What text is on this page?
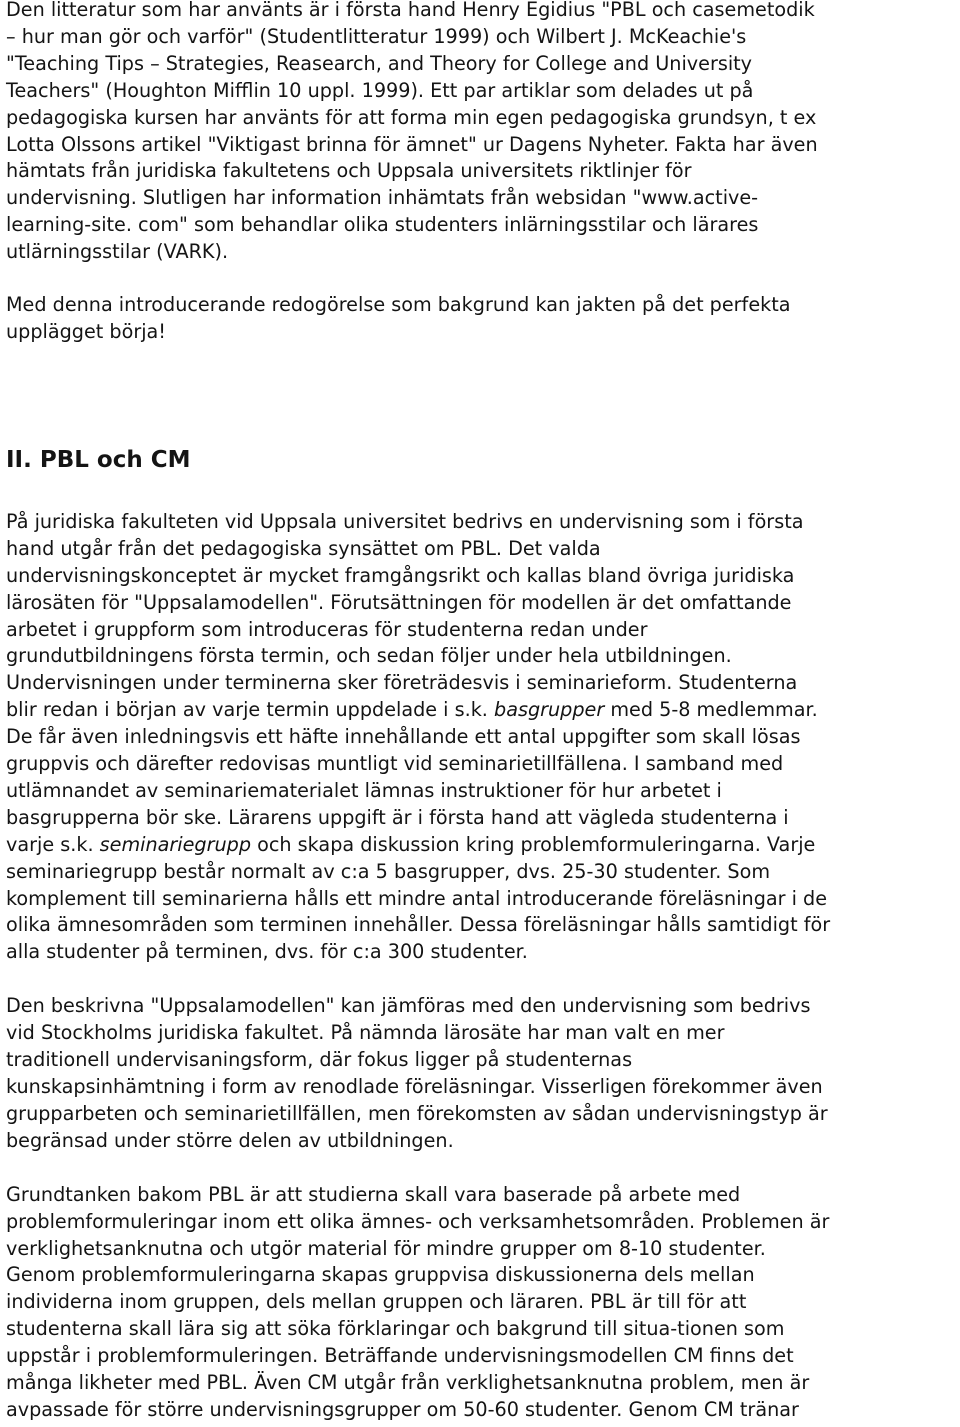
Den litteratur som har använts är i första hand Henry Egidius "PBL och casemetodik
– hur man gör och varför" (Studentlitteratur 1999) och Wilbert J. McKeachie's
"Teaching Tips – Strategies, Reasearch, and Theory for College and University
Teachers" (Houghton Mifflin 10 uppl. 1999). Ett par artiklar som delades ut på
pedagogiska kursen har använts för att forma min egen pedagogiska grundsyn, t ex
Lotta Olssons artikel "Viktigast brinna för ämnet" ur Dagens Nyheter. Fakta har även
hämtats från juridiska fakultetens och Uppsala universitets riktlinjer för
undervisning. Slutligen har information inhämtats från websidan "www.active-
learning-site. com" som behandlar olika studenters inlärningsstilar och lärares
utlärningsstilar (VARK).

Med denna introducerande redogörelse som bakgrund kan jakten på det perfekta
upplägget börja!

II. PBL och CM

På juridiska fakulteten vid Uppsala universitet bedrivs en undervisning som i första
hand utgår från det pedagogiska synsättet om PBL. Det valda
undervisningskonceptet är mycket framgångsrikt och kallas bland övriga juridiska
lärosäten för "Uppsalamodellen". Förutsättningen för modellen är det omfattande
arbetet i gruppform som introduceras för studenterna redan under
grundutbildningens första termin, och sedan följer under hela utbildningen.
Undervisningen under terminerna sker företrädesvis i seminarieform. Studenterna
blir redan i början av varje termin uppdelade i s.k. basgrupper med 5-8 medlemmar.
De får även inledningsvis ett häfte innehållande ett antal uppgifter som skall lösas
gruppvis och därefter redovisas muntligt vid seminarietillfällena. I samband med
utlämnandet av seminariematerialet lämnas instruktioner för hur arbetet i
basgrupperna bör ske. Lärarens uppgift är i första hand att vägleda studenterna i
varje s.k. seminariegrupp och skapa diskussion kring problemformuleringarna. Varje
seminariegrupp består normalt av c:a 5 basgrupper, dvs. 25-30 studenter. Som
komplement till seminarierna hålls ett mindre antal introducerande föreläsningar i de
olika ämnesområden som terminen innehåller. Dessa föreläsningar hålls samtidigt för
alla studenter på terminen, dvs. för c:a 300 studenter.

Den beskrivna "Uppsalamodellen" kan jämföras med den undervisning som bedrivs
vid Stockholms juridiska fakultet. På nämnda lärosäte har man valt en mer
traditionell undervisaningsform, där fokus ligger på studenternas
kunskapsinhämtning i form av renodlade föreläsningar. Visserligen förekommer även
grupparbeten och seminarietillfällen, men förekomsten av sådan undervisningstyp är
begränsad under större delen av utbildningen.

Grundtanken bakom PBL är att studierna skall vara baserade på arbete med
problemformuleringar inom ett olika ämnes- och verksamhetsområden. Problemen är
verklighetsanknutna och utgör material för mindre grupper om 8-10 studenter.
Genom problemformuleringarna skapas gruppvisa diskussionerna dels mellan
individerna inom gruppen, dels mellan gruppen och läraren. PBL är till för att
studenterna skall lära sig att söka förklaringar och bakgrund till situa-tionen som
uppstår i problemformuleringen. Beträffande undervisningsmodellen CM finns det
många likheter med PBL. Även CM utgår från verklighetsanknutna problem, men är
avpassade för större undervisningsgrupper om 50-60 studenter. Genom CM tränar
